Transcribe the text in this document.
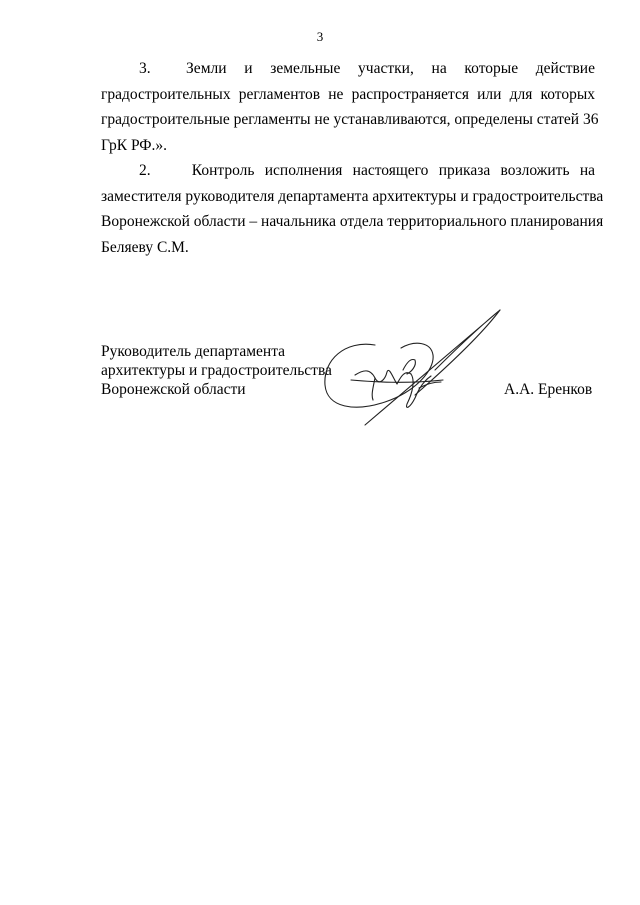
3

3.    Земли  и  земельные  участки,  на  которые  действие
градостроительных регламентов не распространяется или для которых
градостроительные регламенты не устанавливаются, определены статей 36
ГрК РФ.».

2.    Контроль исполнения настоящего приказа возложить на
заместителя руководителя департамента архитектуры и градостроительства
Воронежской области – начальника отдела территориального планирования
Беляеву С.М.

Руководитель департамента
архитектуры и градостроительства
Воронежской области	А.А. Еренков
